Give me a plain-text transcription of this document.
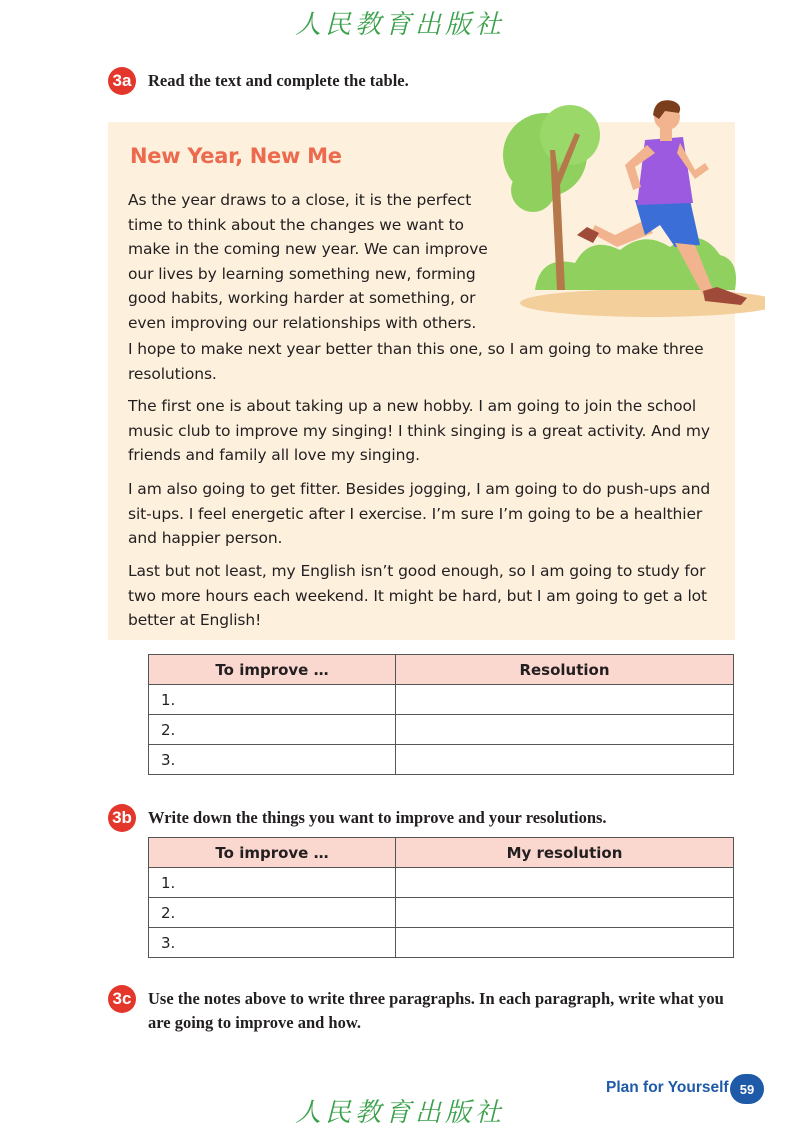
人民教育出版社
3a Read the text and complete the table.
New Year, New Me

As the year draws to a close, it is the perfect time to think about the changes we want to make in the coming new year. We can improve our lives by learning something new, forming good habits, working harder at something, or even improving our relationships with others.

I hope to make next year better than this one, so I am going to make three resolutions.

The first one is about taking up a new hobby. I am going to join the school music club to improve my singing! I think singing is a great activity. And my friends and family all love my singing.

I am also going to get fitter. Besides jogging, I am going to do push-ups and sit-ups. I feel energetic after I exercise. I’m sure I’m going to be a healthier and happier person.

Last but not least, my English isn’t good enough, so I am going to study for two more hours each weekend. It might be hard, but I am going to get a lot better at English!

To improve …	Resolution
1.	
2.	
3.	
3b Write down the things you want to improve and your resolutions.
To improve …	My resolution
1.	
2.	
3.	
3c Use the notes above to write three paragraphs. In each paragraph, write what you are going to improve and how.
人民教育出版社
Plan for Yourself 59
